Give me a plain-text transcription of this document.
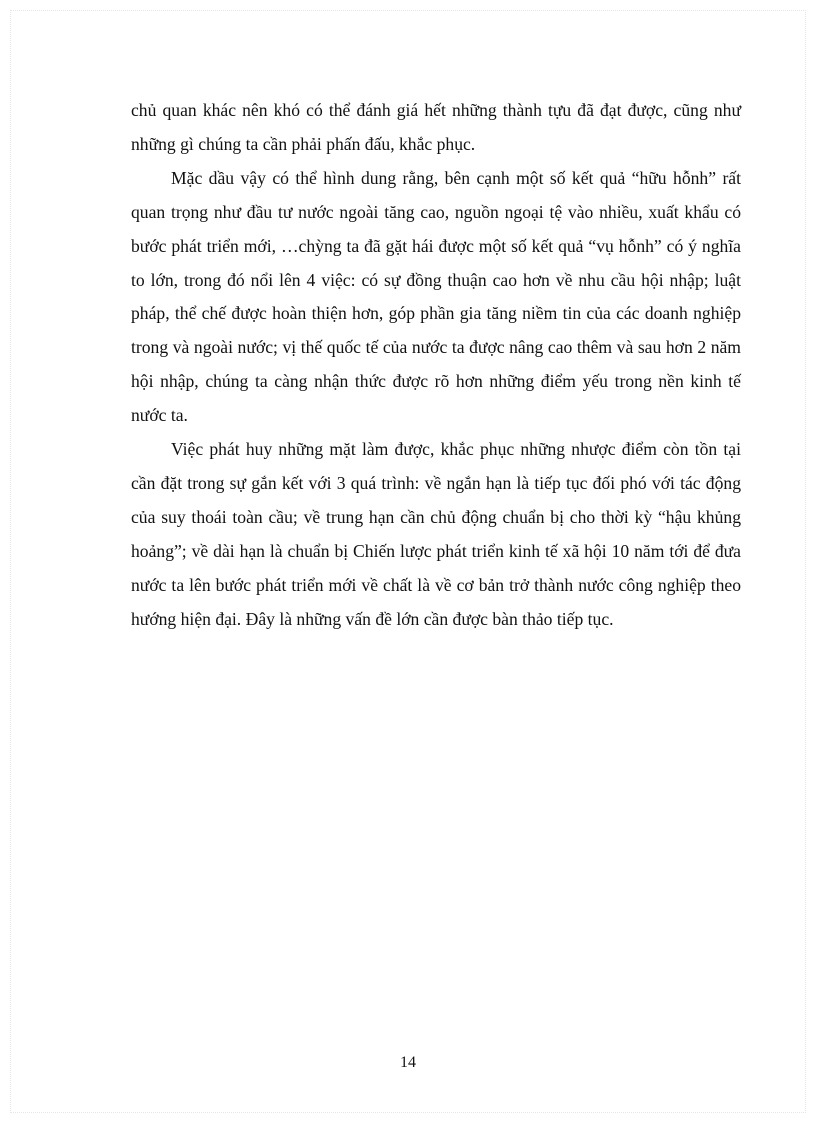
chủ quan khác nên khó có thể đánh giá hết những thành tựu đã đạt được, cũng như những gì chúng ta cần phải phấn đấu, khắc phục.

Mặc dầu vậy có thể hình dung rằng, bên cạnh một số kết quả “hữu hỗnh” rất quan trọng như đầu tư nước ngoài tăng cao, nguồn ngoại tệ vào nhiều, xuất khẩu có bước phát triển mới, …chỳng ta đã gặt hái được một số kết quả “vụ hỗnh” có ý nghĩa to lớn, trong đó nổi lên 4 việc: có sự đồng thuận cao hơn về nhu cầu hội nhập; luật pháp, thể chế được hoàn thiện hơn, góp phần gia tăng niềm tin của các doanh nghiệp trong và ngoài nước; vị thế quốc tế của nước ta được nâng cao thêm và sau hơn 2 năm hội nhập, chúng ta càng nhận thức được rõ hơn những điểm yếu trong nền kinh tế nước ta.

Việc phát huy những mặt làm được, khắc phục những nhược điểm còn tồn tại cần đặt trong sự gắn kết với 3 quá trình: về ngắn hạn là tiếp tục đối phó với tác động của suy thoái toàn cầu; về trung hạn cần chủ động chuẩn bị cho thời kỳ “hậu khủng hoảng”; về dài hạn là chuẩn bị Chiến lược phát triển kinh tế xã hội 10 năm tới để đưa nước ta lên bước phát triển mới về chất là về cơ bản trở thành nước công nghiệp theo hướng hiện đại. Đây là những vấn đề lớn cần được bàn thảo tiếp tục.

14
